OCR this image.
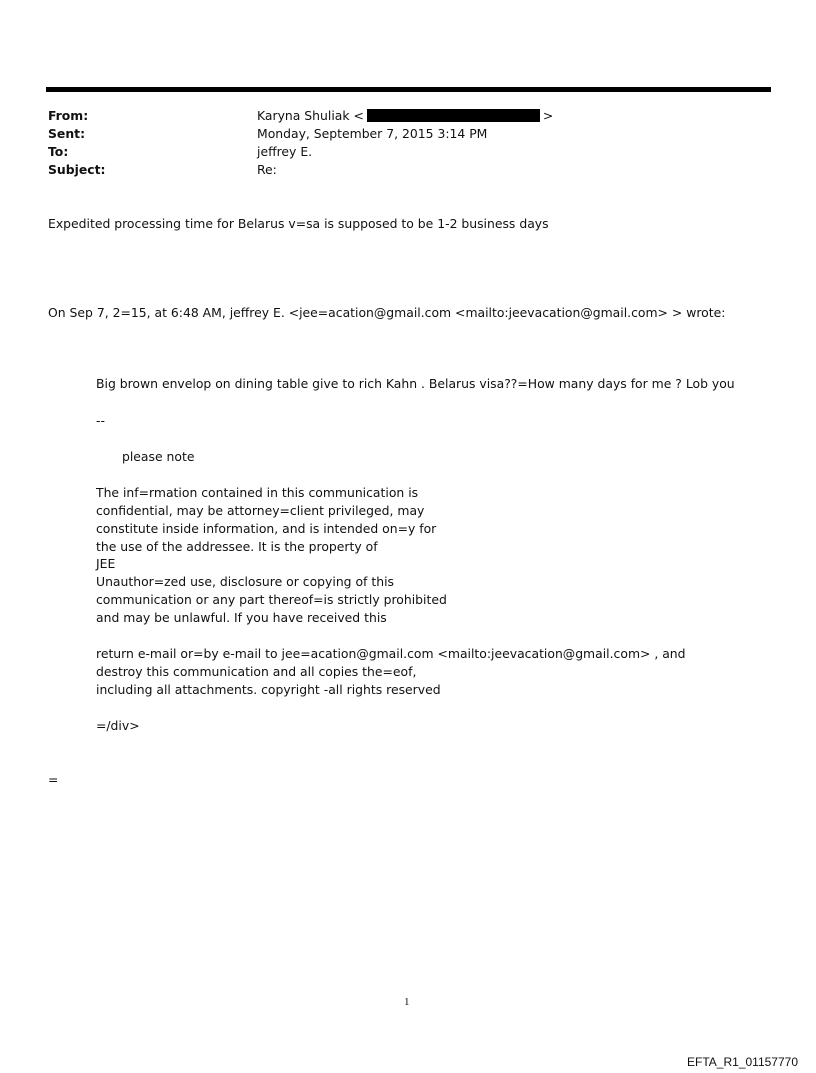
From:	Karyna Shuliak <	>
Sent:	Monday, September 7, 2015 3:14 PM
To:	jeffrey E.
Subject:	Re:
Expedited processing time for Belarus v=sa is supposed to be 1-2 business days
On Sep 7, 2=15, at 6:48 AM, jeffrey E. <jee=acation@gmail.com <mailto:jeevacation@gmail.com> > wrote:
Big brown envelop on dining table give to rich Kahn . Belarus visa??=How many days for me ? Lob you
--
please note
The inf=rmation contained in this communication is
confidential, may be attorney=client privileged, may
constitute inside information, and is intended on=y for
the use of the addressee. It is the property of
JEE
Unauthor=zed use, disclosure or copying of this
communication or any part thereof=is strictly prohibited
and may be unlawful. If you have received this
return e-mail or=by e-mail to jee=acation@gmail.com <mailto:jeevacation@gmail.com> , and
destroy this communication and all copies the=eof,
including all attachments. copyright -all rights reserved
=/div>
=
1
EFTA_R1_01157770
